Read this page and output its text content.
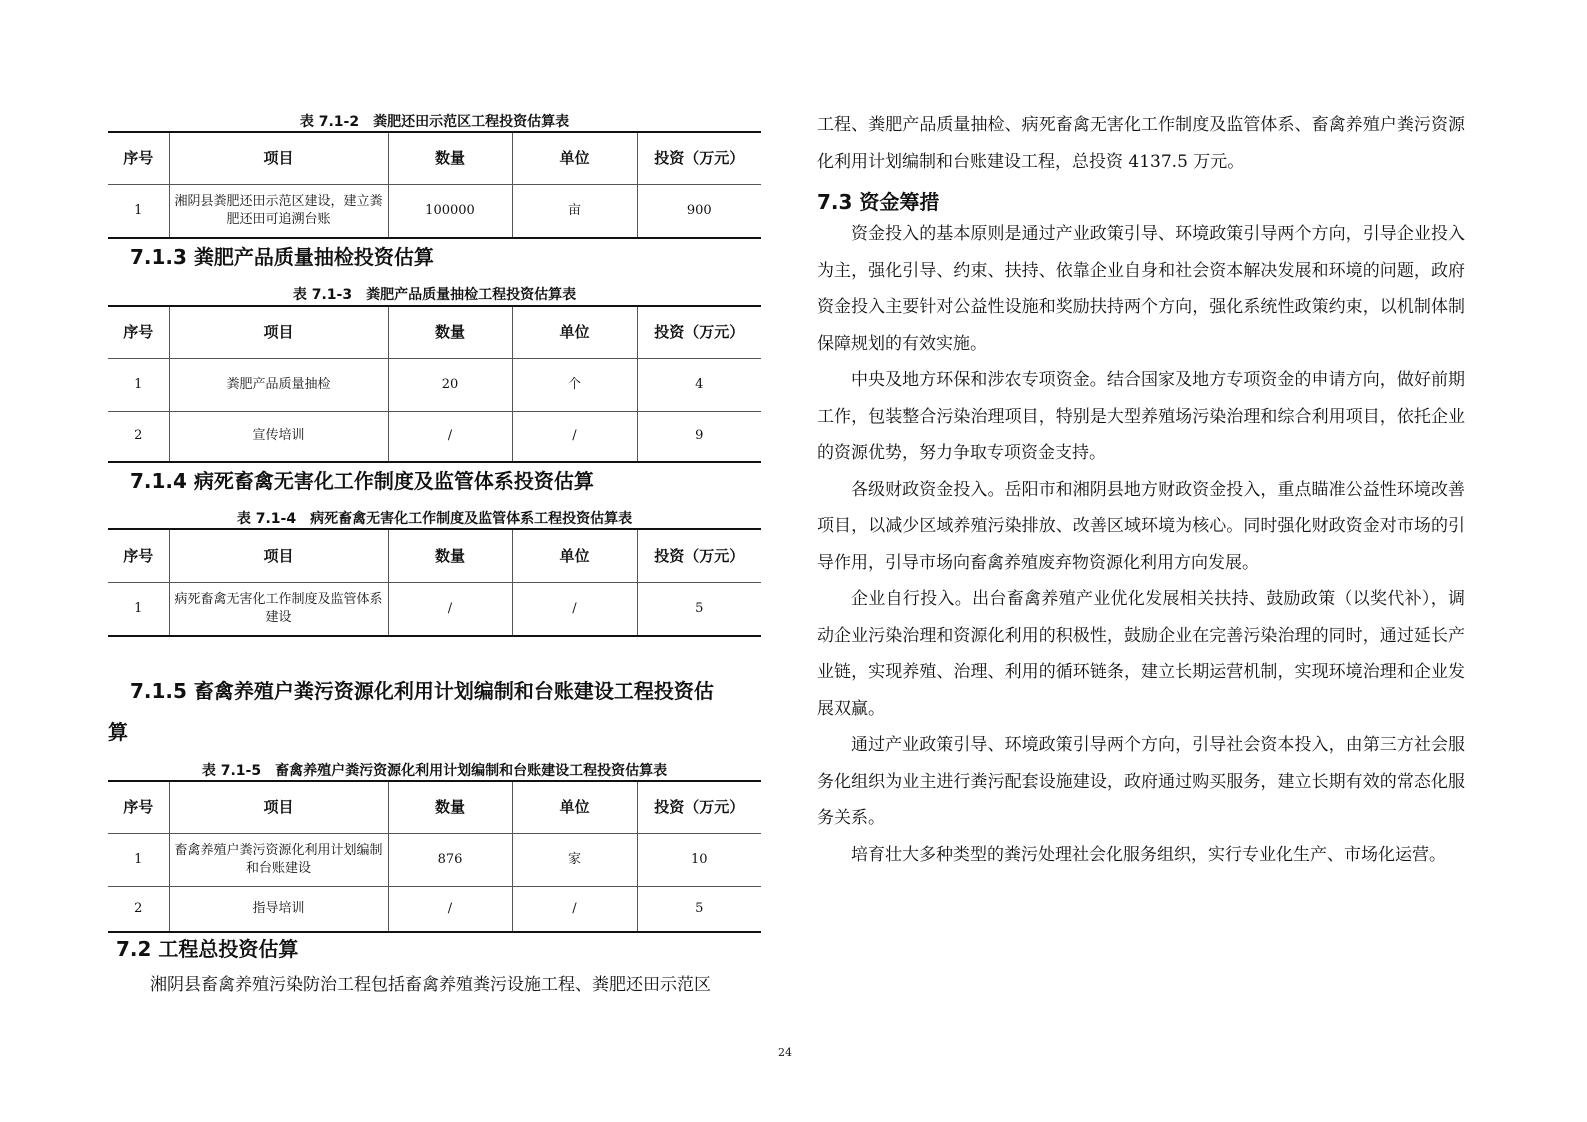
表 7.1-2　粪肥还田示范区工程投资估算表
序号	项目	数量	单位	投资（万元）
1	湘阴县粪肥还田示范区建设，建立粪肥还田可追溯台账	100000	亩	900
7.1.3 粪肥产品质量抽检投资估算
表 7.1-3　粪肥产品质量抽检工程投资估算表
序号	项目	数量	单位	投资（万元）
1	粪肥产品质量抽检	20	个	4
2	宣传培训	/	/	9
7.1.4 病死畜禽无害化工作制度及监管体系投资估算
表 7.1-4　病死畜禽无害化工作制度及监管体系工程投资估算表
序号	项目	数量	单位	投资（万元）
1	病死畜禽无害化工作制度及监管体系建设	/	/	5
7.1.5 畜禽养殖户粪污资源化利用计划编制和台账建设工程投资估
算
表 7.1-5　畜禽养殖户粪污资源化利用计划编制和台账建设工程投资估算表
序号	项目	数量	单位	投资（万元）
1	畜禽养殖户粪污资源化利用计划编制和台账建设	876	家	10
2	指导培训	/	/	5
7.2 工程总投资估算
湘阴县畜禽养殖污染防治工程包括畜禽养殖粪污设施工程、粪肥还田示范区
工程、粪肥产品质量抽检、病死畜禽无害化工作制度及监管体系、畜禽养殖户粪污资源化利用计划编制和台账建设工程，总投资 4137.5 万元。
7.3 资金筹措
资金投入的基本原则是通过产业政策引导、环境政策引导两个方向，引导企业投入为主，强化引导、约束、扶持、依靠企业自身和社会资本解决发展和环境的问题，政府资金投入主要针对公益性设施和奖励扶持两个方向，强化系统性政策约束，以机制体制保障规划的有效实施。
中央及地方环保和涉农专项资金。结合国家及地方专项资金的申请方向，做好前期工作，包装整合污染治理项目，特别是大型养殖场污染治理和综合利用项目，依托企业的资源优势，努力争取专项资金支持。
各级财政资金投入。岳阳市和湘阴县地方财政资金投入，重点瞄准公益性环境改善项目，以减少区域养殖污染排放、改善区域环境为核心。同时强化财政资金对市场的引导作用，引导市场向畜禽养殖废弃物资源化利用方向发展。
企业自行投入。出台畜禽养殖产业优化发展相关扶持、鼓励政策（以奖代补），调动企业污染治理和资源化利用的积极性，鼓励企业在完善污染治理的同时，通过延长产业链，实现养殖、治理、利用的循环链条，建立长期运营机制，实现环境治理和企业发展双赢。
通过产业政策引导、环境政策引导两个方向，引导社会资本投入，由第三方社会服务化组织为业主进行粪污配套设施建设，政府通过购买服务，建立长期有效的常态化服务关系。
培育壮大多种类型的粪污处理社会化服务组织，实行专业化生产、市场化运营。
24
